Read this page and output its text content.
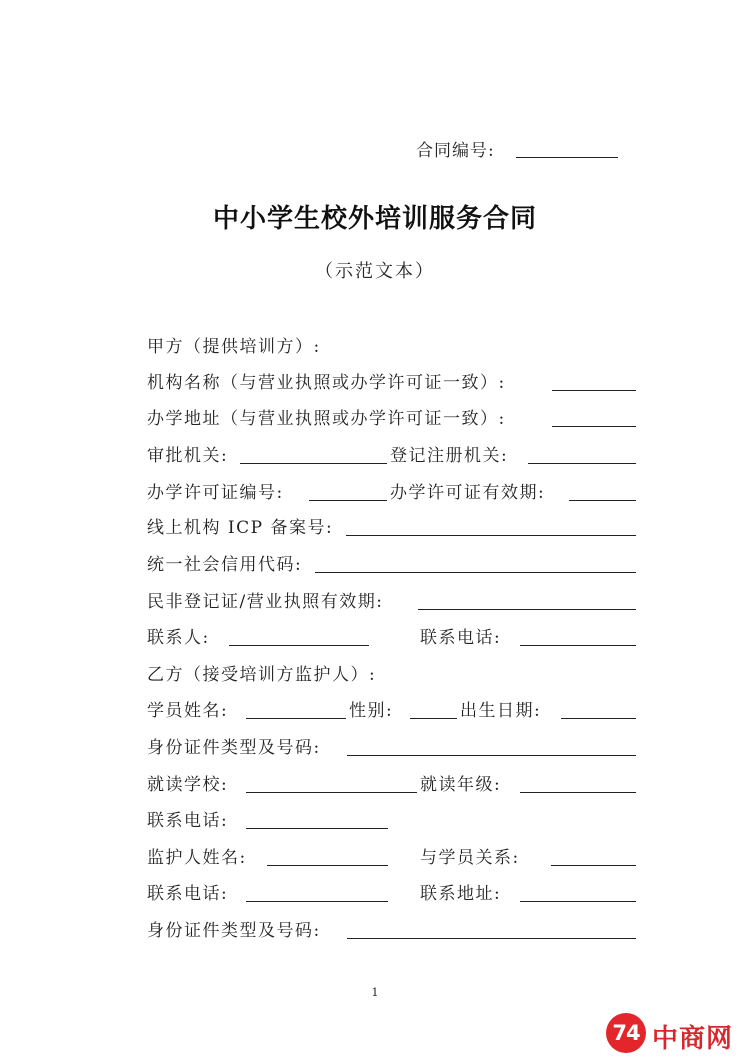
合同编号:
中小学生校外培训服务合同
（示范文本）
甲方（提供培训方）:
机构名称（与营业执照或办学许可证一致）:
办学地址（与营业执照或办学许可证一致）:
审批机关:	登记注册机关:
办学许可证编号:	办学许可证有效期:
线上机构 ICP 备案号:
统一社会信用代码:
民非登记证/营业执照有效期:
联系人:	联系电话:
乙方（接受培训方监护人）:
学员姓名:	性别:	出生日期:
身份证件类型及号码:
就读学校:	就读年级:
联系电话:
监护人姓名:	与学员关系:
联系电话:	联系地址:
身份证件类型及号码:
1
74 中商网
